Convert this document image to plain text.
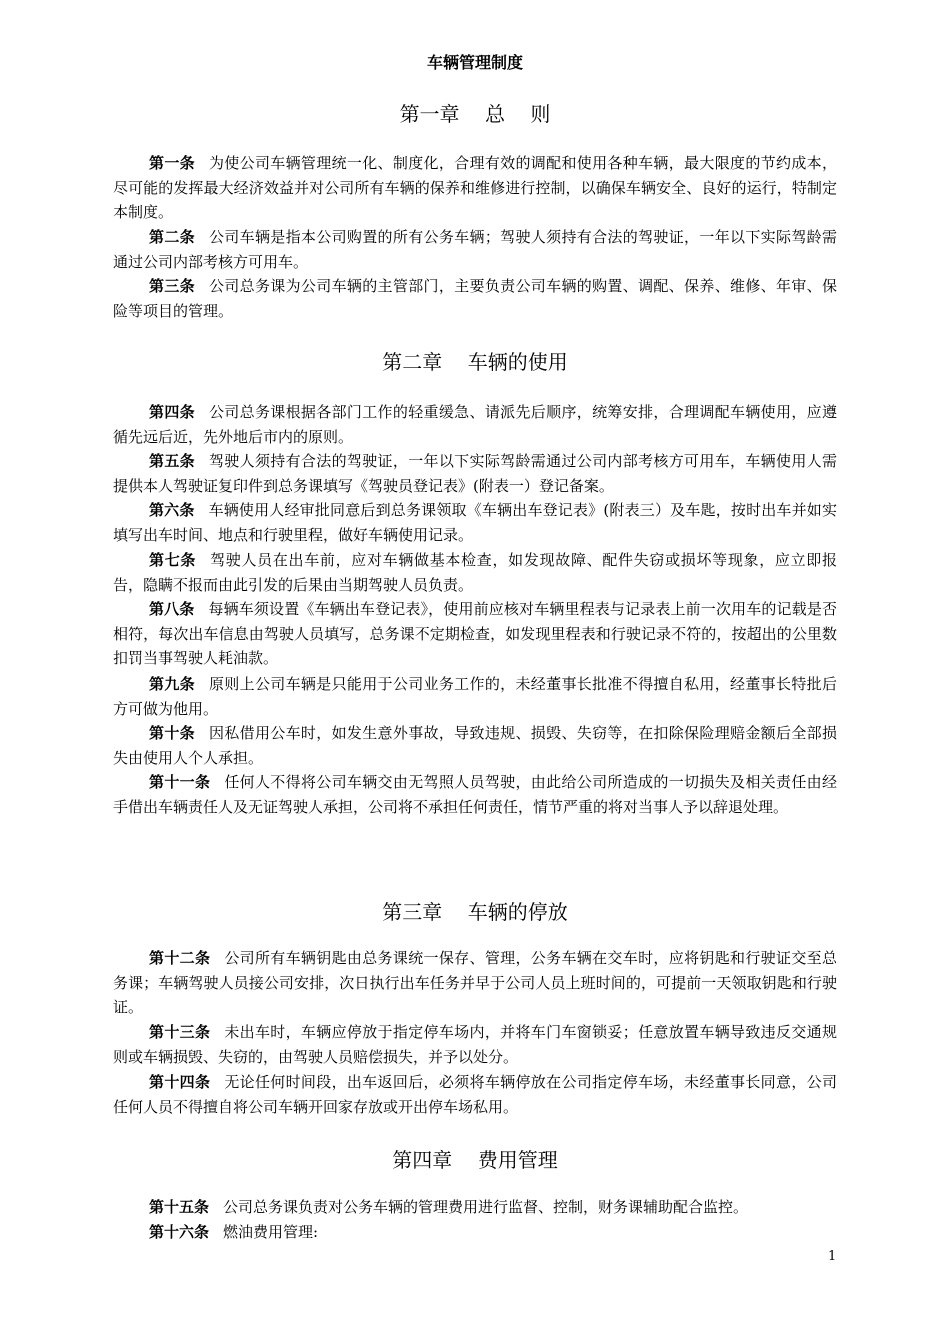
车辆管理制度
第一章    总    则
第一条 为使公司车辆管理统一化、制度化，合理有效的调配和使用各种车辆，最大限度的节约成本，尽可能的发挥最大经济效益并对公司所有车辆的保养和维修进行控制，以确保车辆安全、良好的运行，特制定本制度。
第二条 公司车辆是指本公司购置的所有公务车辆；驾驶人须持有合法的驾驶证，一年以下实际驾龄需通过公司内部考核方可用车。
第三条 公司总务课为公司车辆的主管部门，主要负责公司车辆的购置、调配、保养、维修、年审、保险等项目的管理。
第二章    车辆的使用
第四条 公司总务课根据各部门工作的轻重缓急、请派先后顺序，统筹安排，合理调配车辆使用，应遵循先远后近，先外地后市内的原则。
第五条 驾驶人须持有合法的驾驶证，一年以下实际驾龄需通过公司内部考核方可用车，车辆使用人需提供本人驾驶证复印件到总务课填写《驾驶员登记表》(附表一）登记备案。
第六条 车辆使用人经审批同意后到总务课领取《车辆出车登记表》(附表三）及车匙，按时出车并如实填写出车时间、地点和行驶里程，做好车辆使用记录。
第七条 驾驶人员在出车前，应对车辆做基本检查，如发现故障、配件失窃或损坏等现象，应立即报告，隐瞒不报而由此引发的后果由当期驾驶人员负责。
第八条 每辆车须设置《车辆出车登记表》，使用前应核对车辆里程表与记录表上前一次用车的记载是否相符，每次出车信息由驾驶人员填写，总务课不定期检查，如发现里程表和行驶记录不符的，按超出的公里数扣罚当事驾驶人耗油款。
第九条 原则上公司车辆是只能用于公司业务工作的，未经董事长批准不得擅自私用，经董事长特批后方可做为他用。
第十条 因私借用公车时，如发生意外事故，导致违规、损毁、失窃等，在扣除保险理赔金额后全部损失由使用人个人承担。
第十一条 任何人不得将公司车辆交由无驾照人员驾驶，由此给公司所造成的一切损失及相关责任由经手借出车辆责任人及无证驾驶人承担，公司将不承担任何责任，情节严重的将对当事人予以辞退处理。
第三章    车辆的停放
第十二条 公司所有车辆钥匙由总务课统一保存、管理，公务车辆在交车时，应将钥匙和行驶证交至总务课；车辆驾驶人员接公司安排，次日执行出车任务并早于公司人员上班时间的，可提前一天领取钥匙和行驶证。
第十三条 未出车时，车辆应停放于指定停车场内，并将车门车窗锁妥；任意放置车辆导致违反交通规则或车辆损毁、失窃的，由驾驶人员赔偿损失，并予以处分。
第十四条 无论任何时间段，出车返回后，必须将车辆停放在公司指定停车场，未经董事长同意，公司任何人员不得擅自将公司车辆开回家存放或开出停车场私用。
第四章    费用管理
第十五条 公司总务课负责对公务车辆的管理费用进行监督、控制，财务课辅助配合监控。
第十六条 燃油费用管理:
1
